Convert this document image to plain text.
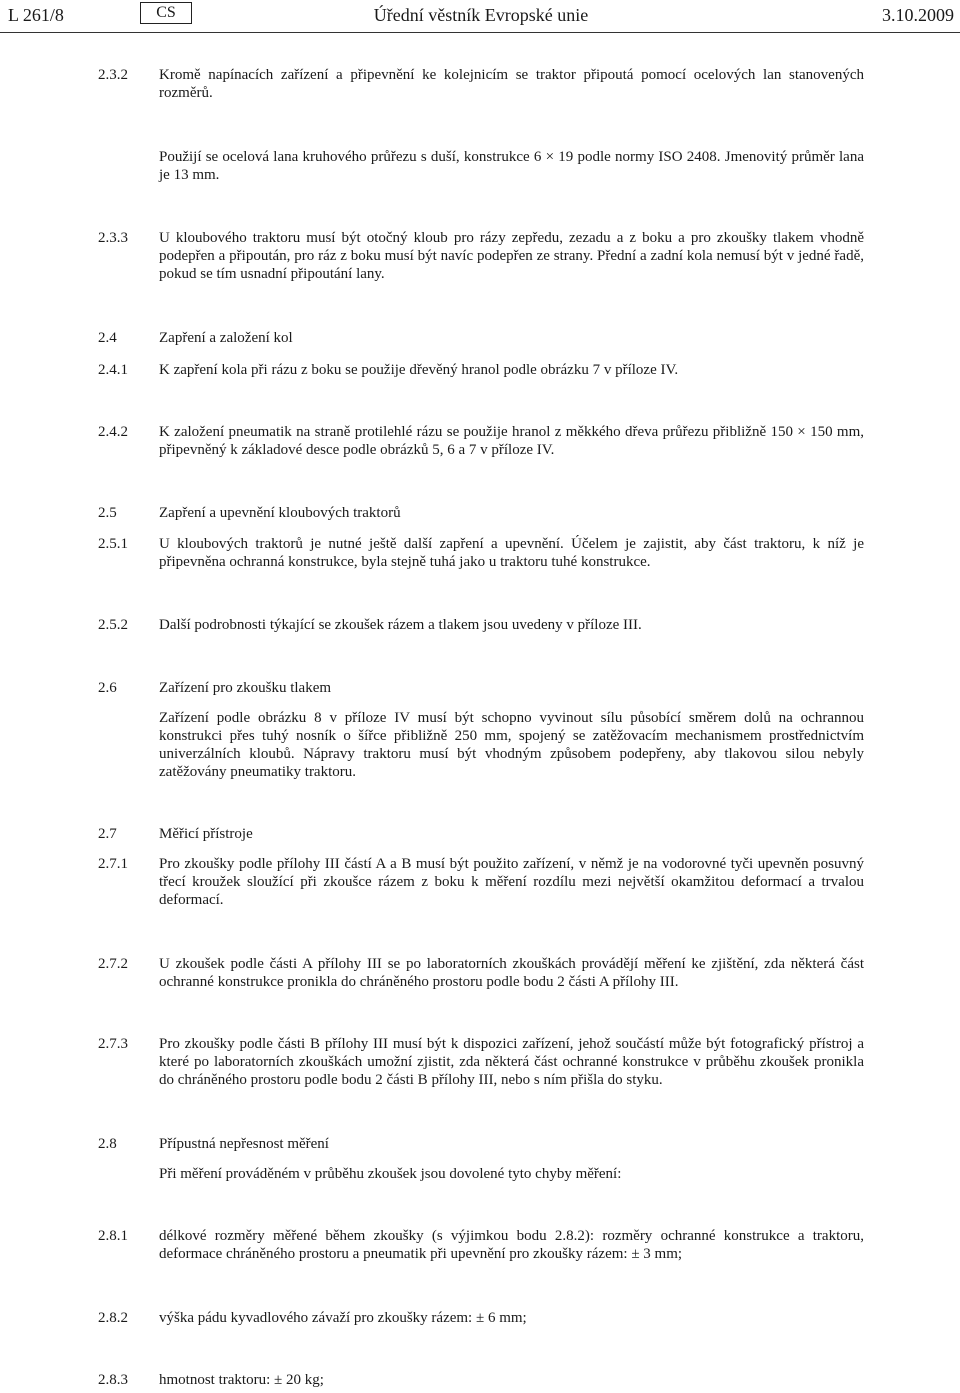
L 261/8	CS	Úřední věstník Evropské unie	3.10.2009
2.3.2	Kromě napínacích zařízení a připevnění ke kolejnicím se traktor připoutá pomocí ocelových lan stanovených rozměrů.

Použijí se ocelová lana kruhového průřezu s duší, konstrukce 6 × 19 podle normy ISO 2408. Jmenovitý průměr lana je 13 mm.

2.3.3	U kloubového traktoru musí být otočný kloub pro rázy zepředu, zezadu a z boku a pro zkoušky tlakem vhodně podepřen a připoután, pro ráz z boku musí být navíc podepřen ze strany. Přední a zadní kola nemusí být v jedné řadě, pokud se tím usnadní připoutání lany.

2.4	Zapření a založení kol

2.4.1	K zapření kola při rázu z boku se použije dřevěný hranol podle obrázku 7 v příloze IV.

2.4.2	K založení pneumatik na straně protilehlé rázu se použije hranol z měkkého dřeva průřezu přibližně 150 × 150 mm, připevněný k základové desce podle obrázků 5, 6 a 7 v příloze IV.

2.5	Zapření a upevnění kloubových traktorů

2.5.1	U kloubových traktorů je nutné ještě další zapření a upevnění. Účelem je zajistit, aby část traktoru, k níž je připevněna ochranná konstrukce, byla stejně tuhá jako u traktoru tuhé konstrukce.

2.5.2	Další podrobnosti týkající se zkoušek rázem a tlakem jsou uvedeny v příloze III.

2.6	Zařízení pro zkoušku tlakem

Zařízení podle obrázku 8 v příloze IV musí být schopno vyvinout sílu působící směrem dolů na ochrannou konstrukci přes tuhý nosník o šířce přibližně 250 mm, spojený se zatěžovacím mechanismem prostřednictvím univerzálních kloubů. Nápravy traktoru musí být vhodným způsobem podepřeny, aby tlakovou silou nebyly zatěžovány pneumatiky traktoru.

2.7	Měřicí přístroje

2.7.1	Pro zkoušky podle přílohy III částí A a B musí být použito zařízení, v němž je na vodorovné tyči upevněn posuvný třecí kroužek sloužící při zkoušce rázem z boku k měření rozdílu mezi největší okamžitou deformací a trvalou deformací.

2.7.2	U zkoušek podle části A přílohy III se po laboratorních zkouškách provádějí měření ke zjištění, zda některá část ochranné konstrukce pronikla do chráněného prostoru podle bodu 2 části A přílohy III.

2.7.3	Pro zkoušky podle části B přílohy III musí být k dispozici zařízení, jehož součástí může být fotografický přístroj a které po laboratorních zkouškách umožní zjistit, zda některá část ochranné konstrukce v průběhu zkoušek pronikla do chráněného prostoru podle bodu 2 části B přílohy III, nebo s ním přišla do styku.

2.8	Přípustná nepřesnost měření

Při měření prováděném v průběhu zkoušek jsou dovolené tyto chyby měření:

2.8.1	délkové rozměry měřené během zkoušky (s výjimkou bodu 2.8.2): rozměry ochranné konstrukce a traktoru, deformace chráněného prostoru a pneumatik při upevnění pro zkoušky rázem: ± 3 mm;

2.8.2	výška pádu kyvadlového závaží pro zkoušky rázem: ± 6 mm;

2.8.3	hmotnost traktoru: ± 20 kg;
